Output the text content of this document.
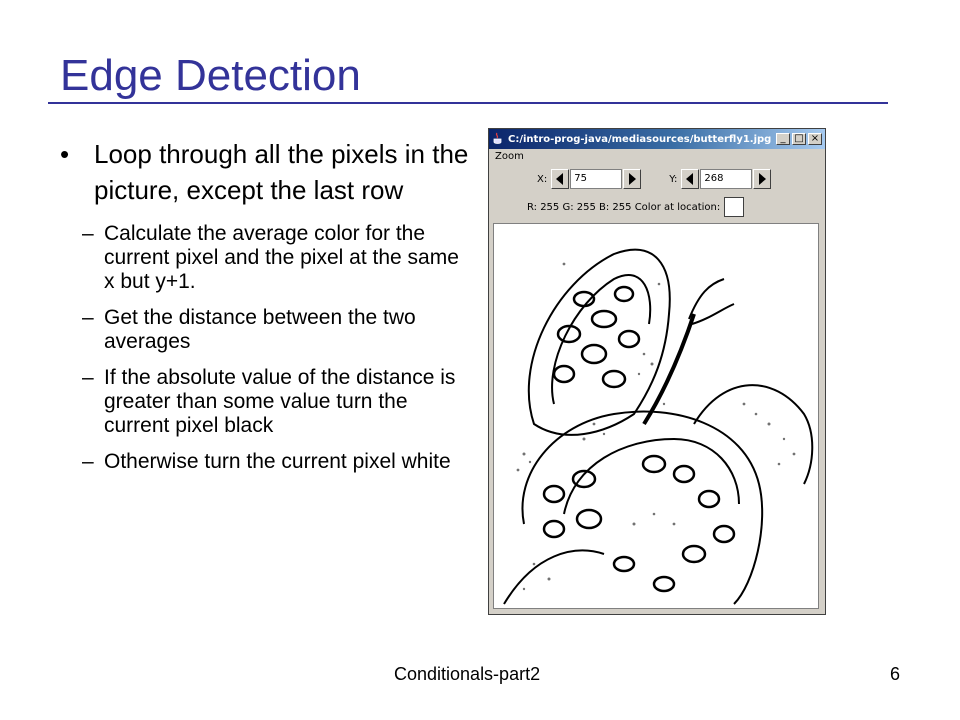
Edge Detection
• Loop through all the pixels in the picture, except the last row
– Calculate the average color for the current pixel and the pixel at the same x but y+1.
– Get the distance between the two averages
– If the absolute value of the distance is greater than some value turn the current pixel black
– Otherwise turn the current pixel white
C:/intro-prog-java/mediasources/butterfly1.jpg _ □ ×
Zoom
X:	75	Y:	268
R: 255 G: 255 B: 255 Color at location:
Conditionals-part2	6
